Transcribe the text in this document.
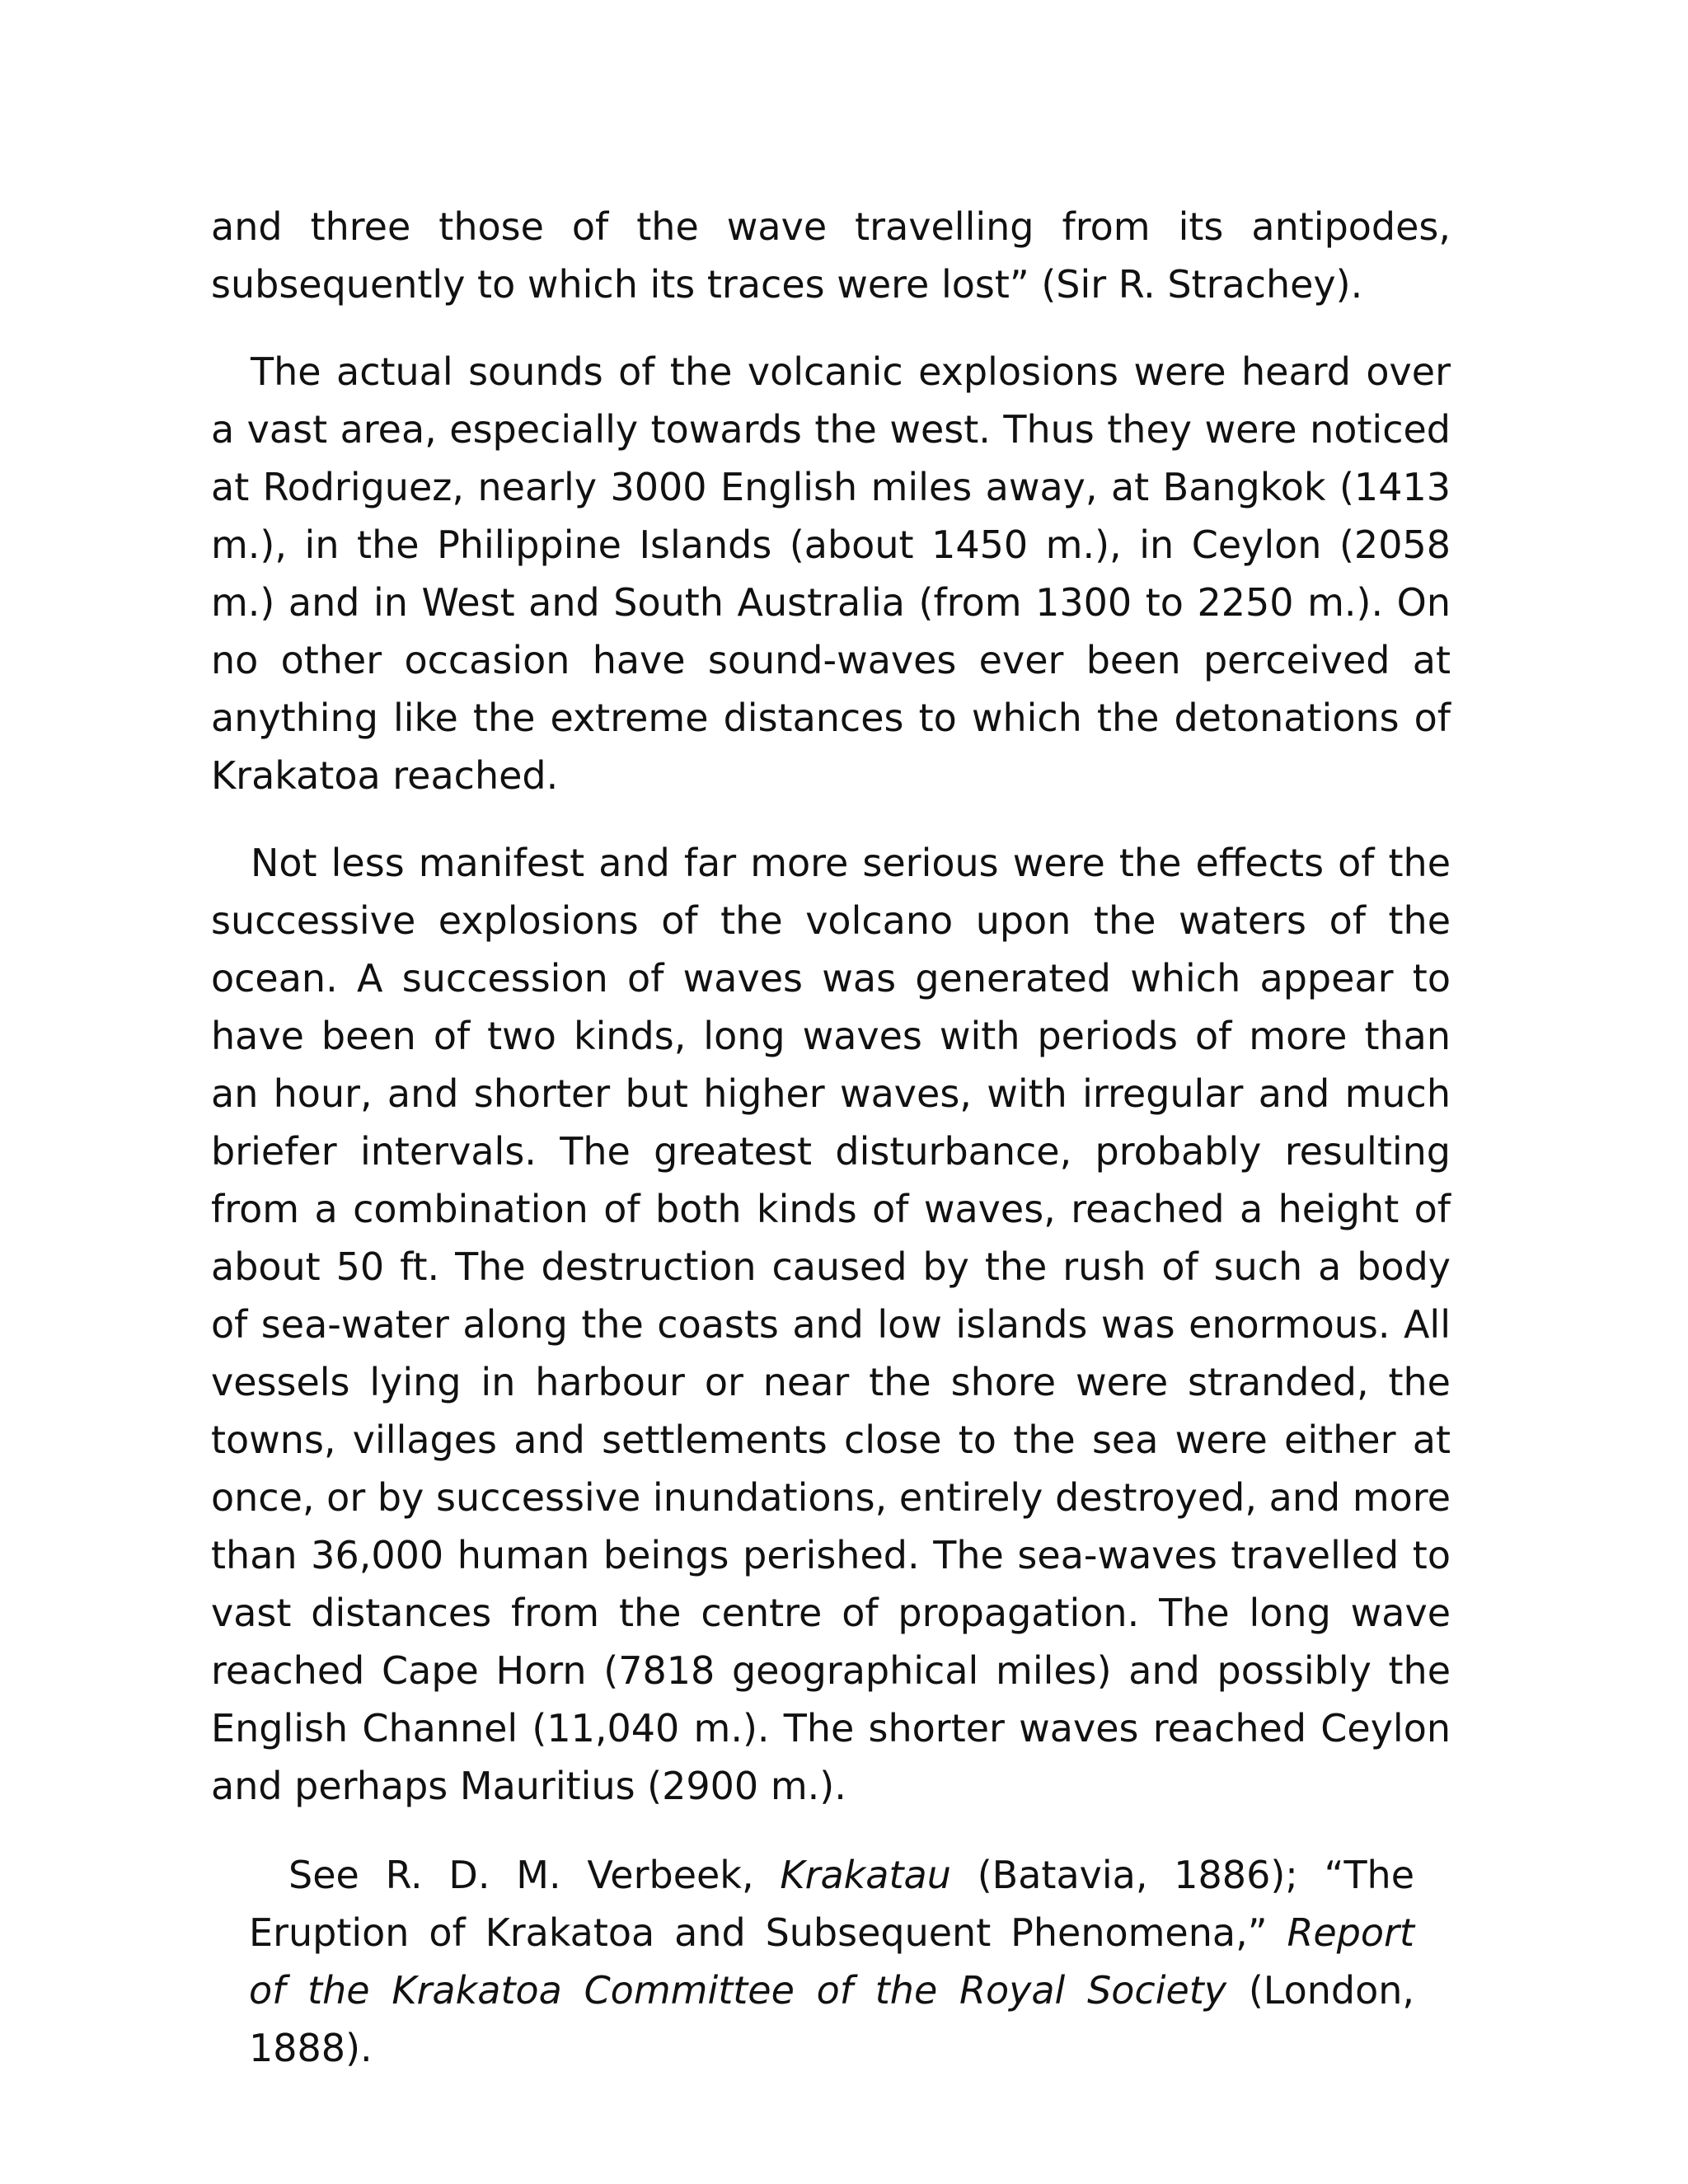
and three those of the wave travelling from its antipodes, subsequently to which its traces were lost” (Sir R. Strachey).

The actual sounds of the volcanic explosions were heard over a vast area, especially towards the west. Thus they were noticed at Rodriguez, nearly 3000 English miles away, at Bangkok (1413 m.), in the Philippine Islands (about 1450 m.), in Ceylon (2058 m.) and in West and South Australia (from 1300 to 2250 m.). On no other occasion have sound-waves ever been perceived at anything like the extreme distances to which the detonations of Krakatoa reached.

Not less manifest and far more serious were the effects of the successive explosions of the volcano upon the waters of the ocean. A succession of waves was generated which appear to have been of two kinds, long waves with periods of more than an hour, and shorter but higher waves, with irregular and much briefer intervals. The greatest disturbance, probably resulting from a combination of both kinds of waves, reached a height of about 50 ft. The destruction caused by the rush of such a body of sea-water along the coasts and low islands was enormous. All vessels lying in harbour or near the shore were stranded, the towns, villages and settlements close to the sea were either at once, or by successive inundations, entirely destroyed, and more than 36,000 human beings perished. The sea-waves travelled to vast distances from the centre of propagation. The long wave reached Cape Horn (7818 geographical miles) and possibly the English Channel (11,040 m.). The shorter waves reached Ceylon and perhaps Mauritius (2900 m.).

See R. D. M. Verbeek, Krakatau (Batavia, 1886); “The Eruption of Krakatoa and Subsequent Phenomena,” Report of the Krakatoa Committee of the Royal Society (London, 1888).
